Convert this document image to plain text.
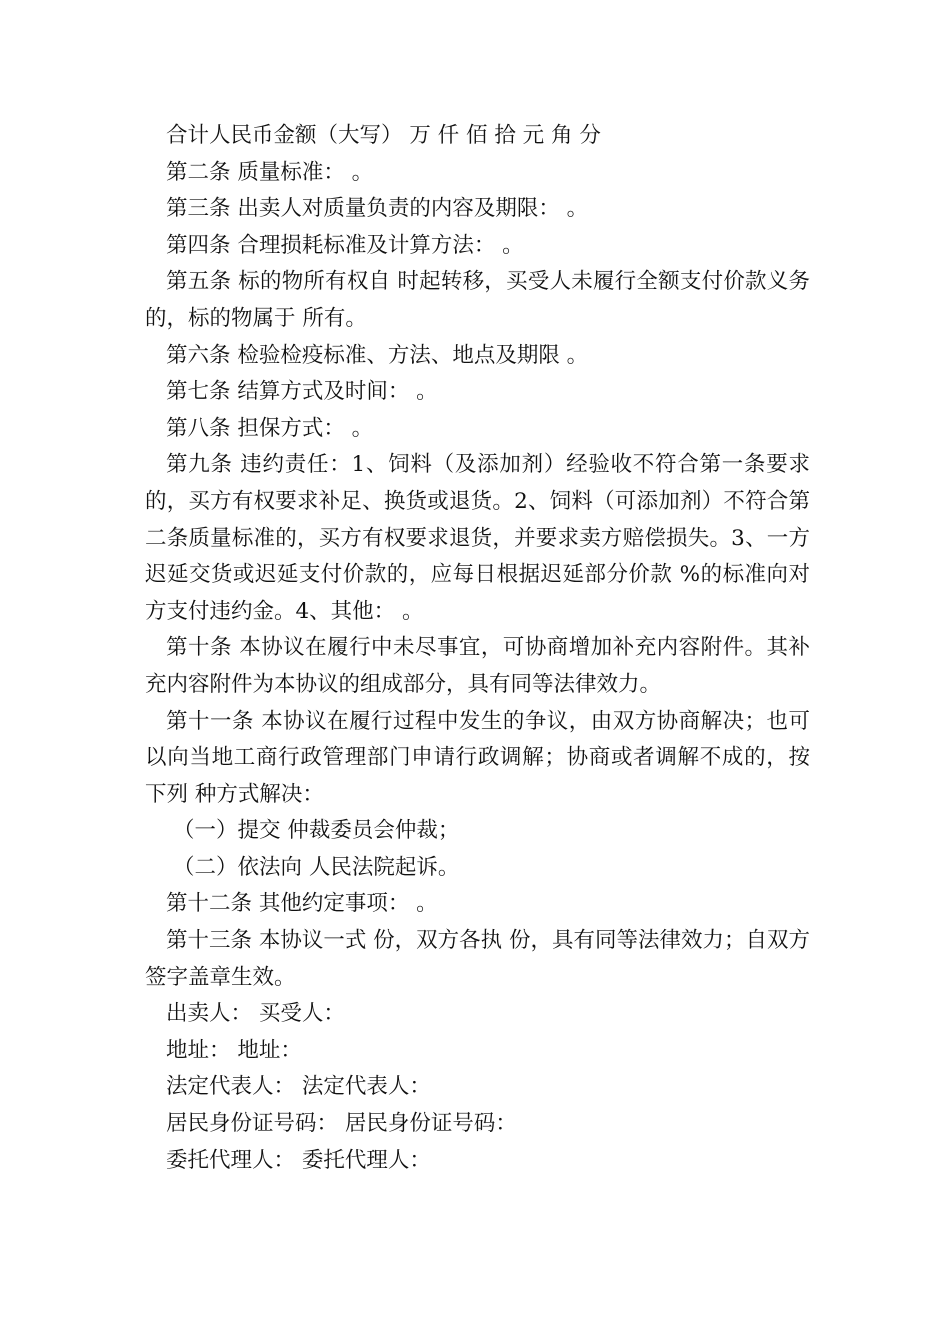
合计人民币金额（大写） 万 仟 佰 拾 元 角 分

第二条 质量标准： 。

第三条 出卖人对质量负责的内容及期限： 。

第四条 合理损耗标准及计算方法： 。

第五条 标的物所有权自 时起转移，买受人未履行全额支付价款义务的，标的物属于 所有。

第六条 检验检疫标准、方法、地点及期限 。

第七条 结算方式及时间： 。

第八条 担保方式： 。

第九条 违约责任：1、饲料（及添加剂）经验收不符合第一条要求的，买方有权要求补足、换货或退货。2、饲料（可添加剂）不符合第二条质量标准的，买方有权要求退货，并要求卖方赔偿损失。3、一方迟延交货或迟延支付价款的，应每日根据迟延部分价款 %的标准向对方支付违约金。4、其他： 。

第十条 本协议在履行中未尽事宜，可协商增加补充内容附件。其补充内容附件为本协议的组成部分，具有同等法律效力。

第十一条 本协议在履行过程中发生的争议，由双方协商解决；也可以向当地工商行政管理部门申请行政调解；协商或者调解不成的，按下列 种方式解决：

（一）提交 仲裁委员会仲裁；

（二）依法向 人民法院起诉。

第十二条 其他约定事项： 。

第十三条 本协议一式 份，双方各执 份，具有同等法律效力；自双方签字盖章生效。

出卖人： 买受人：

地址： 地址：

法定代表人： 法定代表人：

居民身份证号码： 居民身份证号码：

委托代理人： 委托代理人：
